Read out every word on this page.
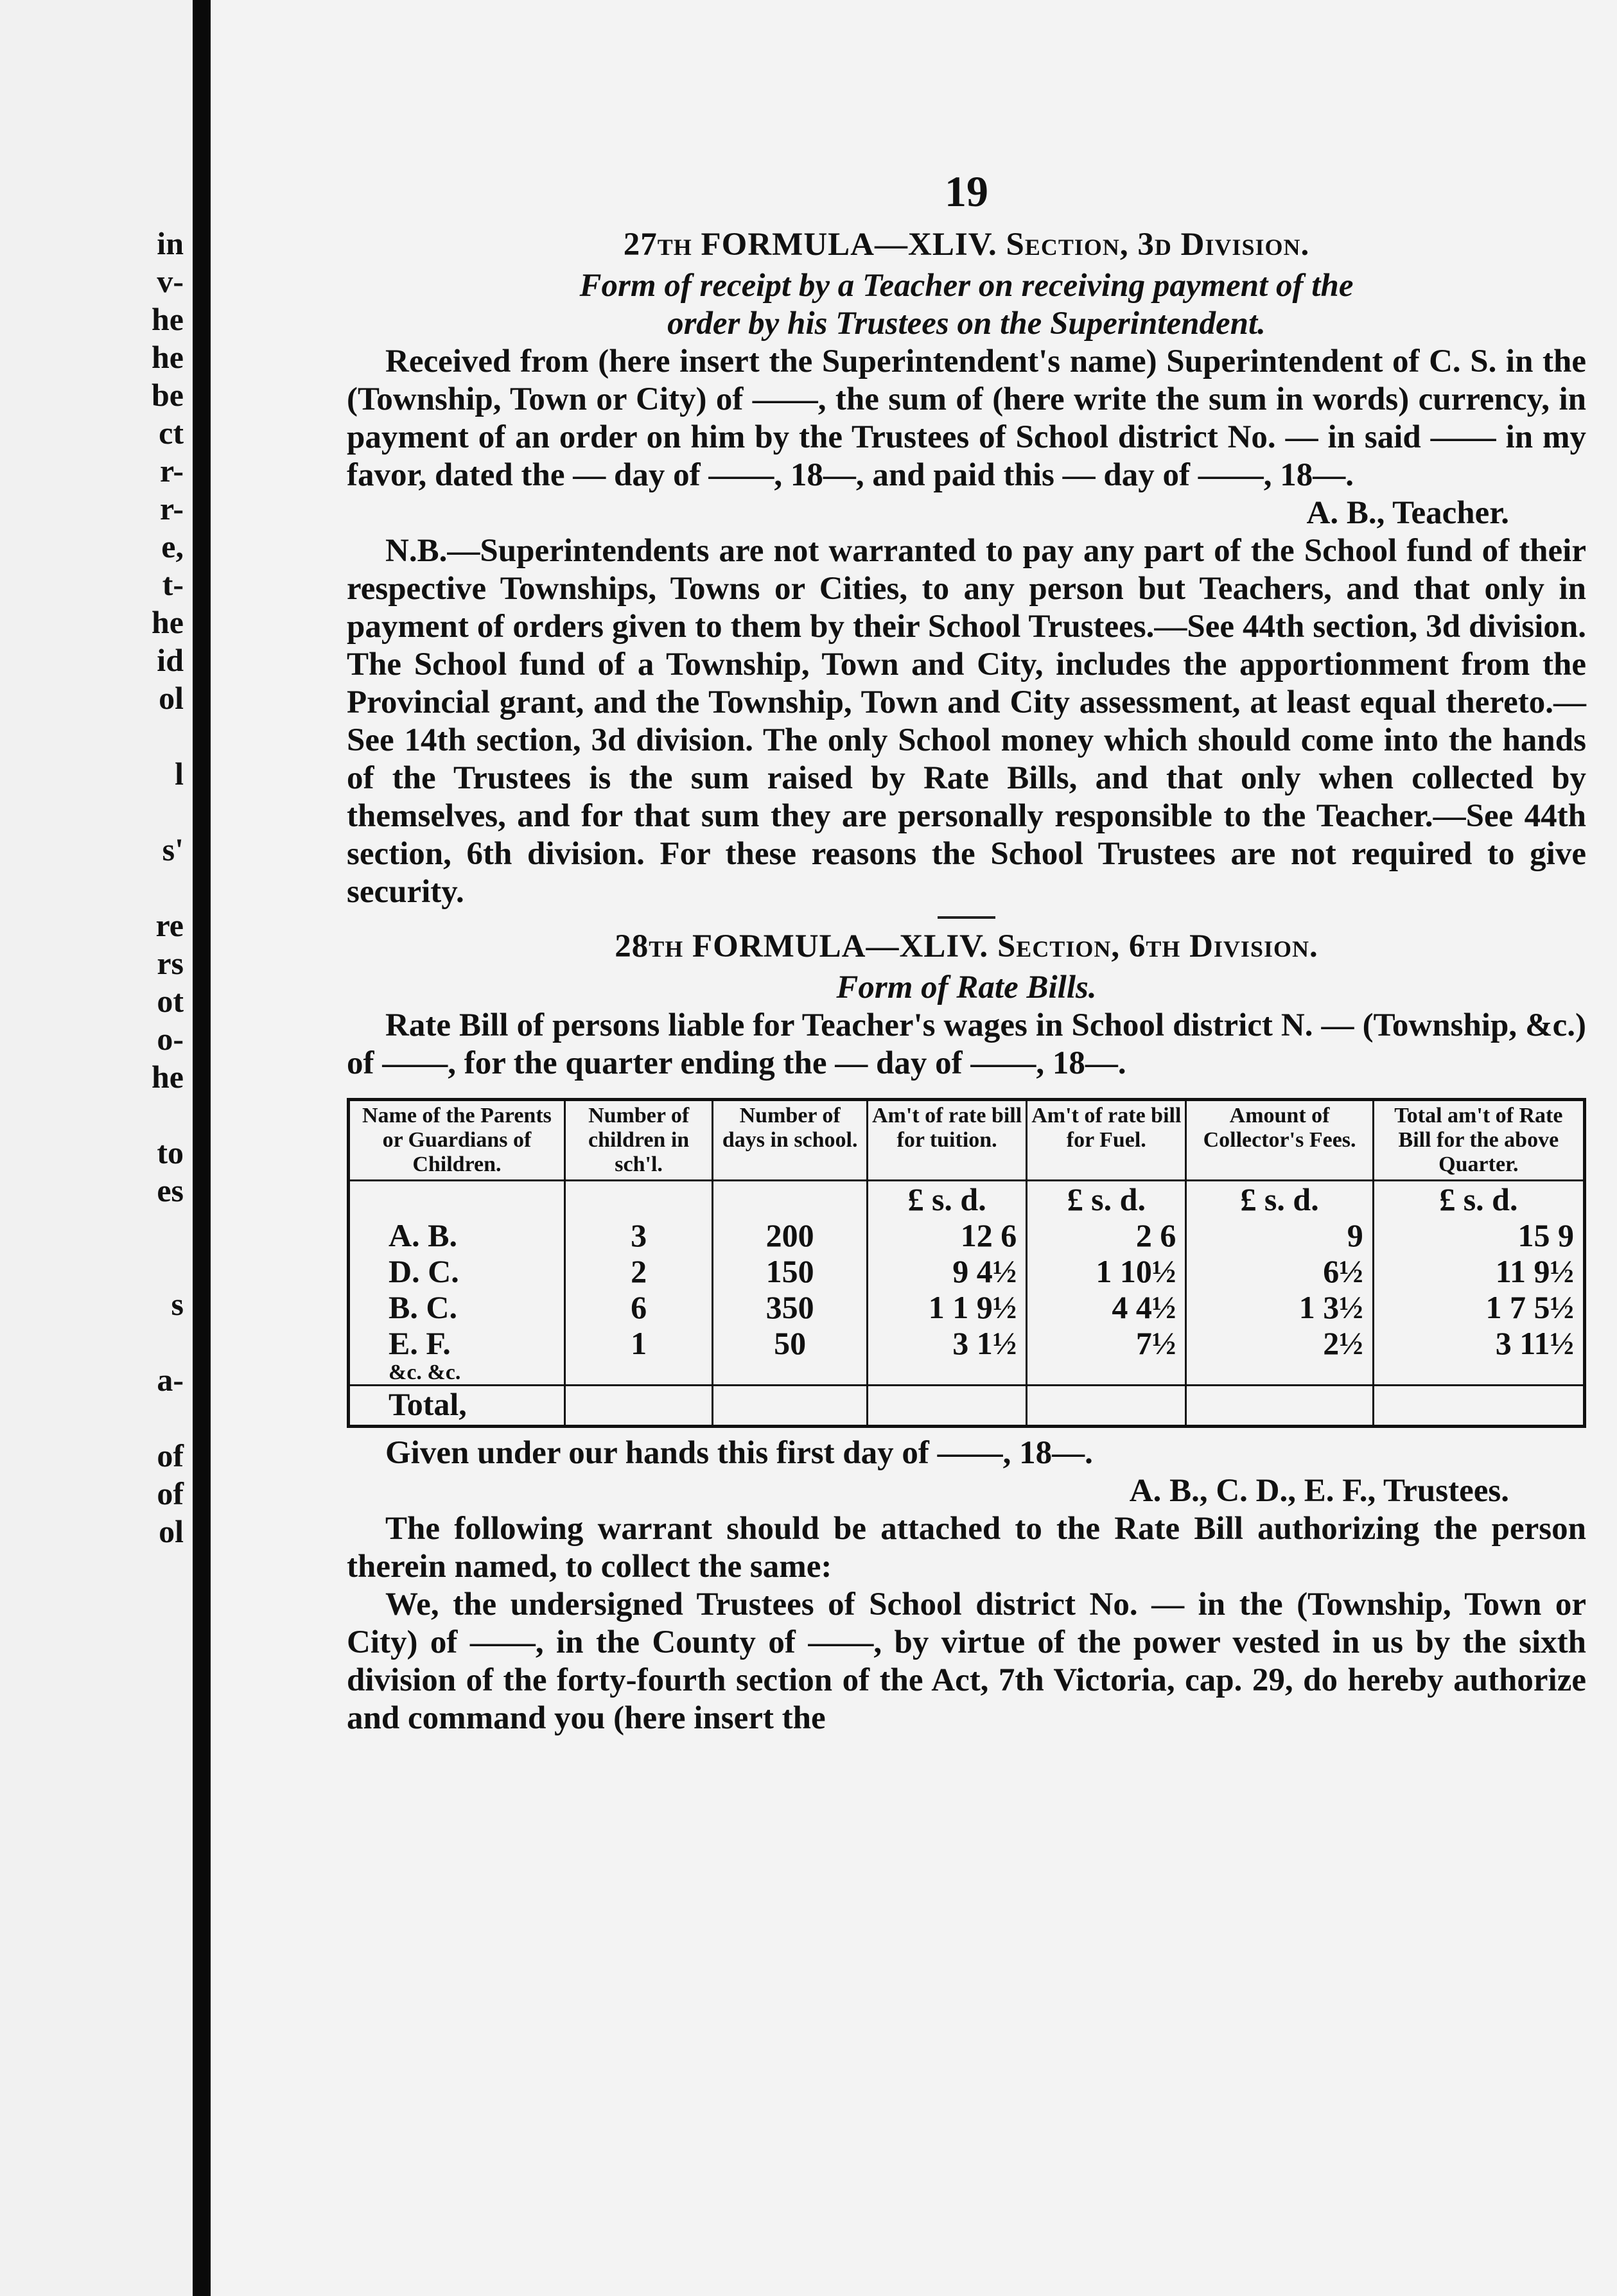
in
v-
he
he
be
ct
r-
r-
e,
t-
he
id
ol
l
s'
re
rs
ot
o-
he
to
es
s
a-
of
of
ol
19
27th FORMULA—XLIV. Section, 3d Division.
Form of receipt by a Teacher on receiving payment of the
order by his Trustees on the Superintendent.

Received from (here insert the Superintendent's name) Superintendent of C. S. in the (Township, Town or City) of ——, the sum of (here write the sum in words) currency, in payment of an order on him by the Trustees of School district No. — in said —— in my favor, dated the — day of ——, 18—, and paid this — day of ——, 18—.

A. B., Teacher.

N.B.—Superintendents are not warranted to pay any part of the School fund of their respective Townships, Towns or Cities, to any person but Teachers, and that only in payment of orders given to them by their School Trustees.—See 44th section, 3d division. The School fund of a Township, Town and City, includes the apportionment from the Provincial grant, and the Township, Town and City assessment, at least equal thereto.—See 14th section, 3d division. The only School money which should come into the hands of the Trustees is the sum raised by Rate Bills, and that only when collected by themselves, and for that sum they are personally responsible to the Teacher.—See 44th section, 6th division. For these reasons the School Trustees are not required to give security.

28th FORMULA—XLIV. Section, 6th Division.
Form of Rate Bills.

Rate Bill of persons liable for Teacher's wages in School district N. — (Township, &c.) of ——, for the quarter ending the — day of ——, 18—.

Name of the Parents or Guardians of Children.	Number of children in sch'l.	Number of days in school.	Am't of rate bill for tuition.	Am't of rate bill for Fuel.	Amount of Collector's Fees.	Total am't of Rate Bill for the above Quarter.
			£ s. d.	£ s. d.	£ s. d.	£ s. d.
A. B.	3	200	12 6	2 6	9	15 9
D. C.	2	150	9 4½	1 10½	6½	11 9½
B. C.	6	350	1 1 9½	4 4½	1 3½	1 7 5½
E. F.	1	50	3 1½	7½	2½	3 11½
&c. &c.						
Total,						

Given under our hands this first day of ——, 18—.

A. B., C. D., E. F., Trustees.

The following warrant should be attached to the Rate Bill authorizing the person therein named, to collect the same:

We, the undersigned Trustees of School district No. — in the (Township, Town or City) of ——, in the County of ——, by virtue of the power vested in us by the sixth division of the forty-fourth section of the Act, 7th Victoria, cap. 29, do hereby authorize and command you (here insert the
